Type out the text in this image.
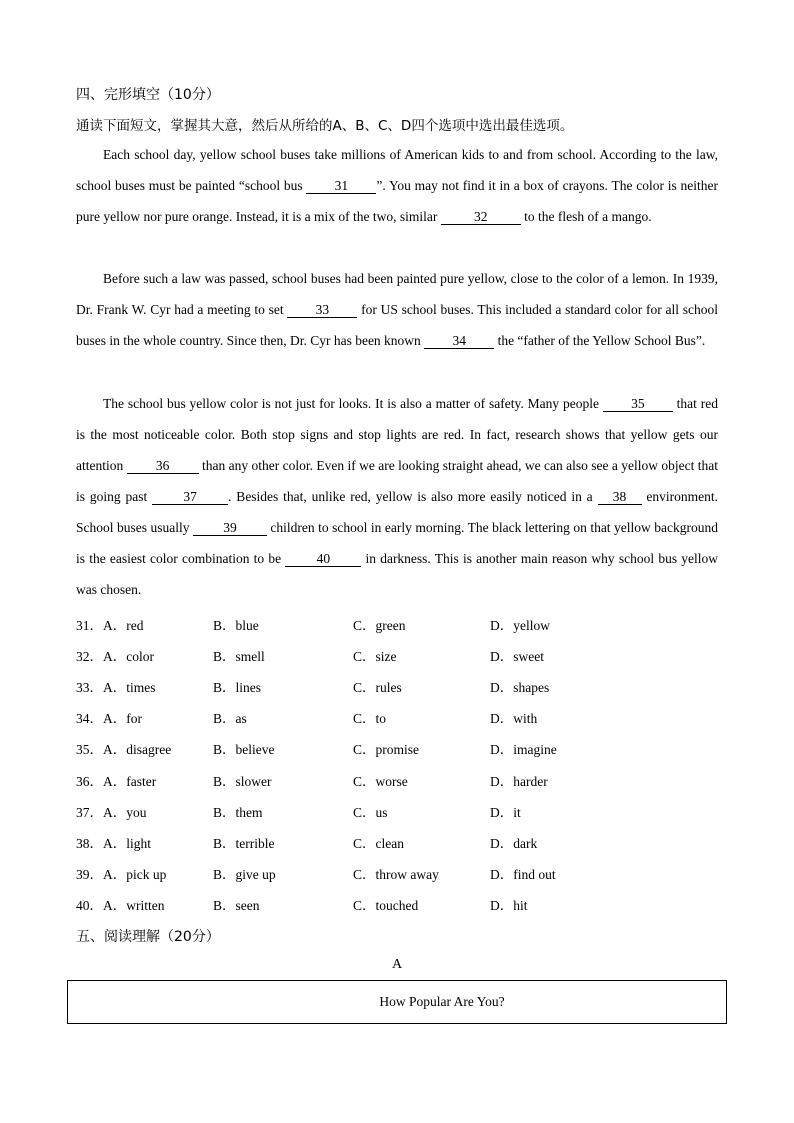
四、完形填空（10分）
通读下面短文，掌握其大意，然后从所给的A、B、C、D四个选项中选出最佳选项。

Each school day, yellow school buses take millions of American kids to and from school. According to the law, school buses must be painted “school bus 31 ”. You may not find it in a box of crayons. The color is neither pure yellow nor pure orange. Instead, it is a mix of the two, similar 32 to the flesh of a mango.

Before such a law was passed, school buses had been painted pure yellow, close to the color of a lemon. In 1939, Dr. Frank W. Cyr had a meeting to set 33 for US school buses. This included a standard color for all school buses in the whole country. Since then, Dr. Cyr has been known 34 the “father of the Yellow School Bus”.

The school bus yellow color is not just for looks. It is also a matter of safety. Many people 35 that red is the most noticeable color. Both stop signs and stop lights are red. In fact, research shows that yellow gets our attention 36 than any other color. Even if we are looking straight ahead, we can also see a yellow object that is going past 37 . Besides that, unlike red, yellow is also more easily noticed in a 38 environment. School buses usually 39 children to school in early morning. The black lettering on that yellow background is the easiest color combination to be 40 in darkness. This is another main reason why school bus yellow was chosen.

31．A．red	B．blue	C．green	D．yellow
32．A．color	B．smell	C．size	D．sweet
33．A．times	B．lines	C．rules	D．shapes
34．A．for	B．as	C．to	D．with
35．A．disagree	B．believe	C．promise	D．imagine
36．A．faster	B．slower	C．worse	D．harder
37．A．you	B．them	C．us	D．it
38．A．light	B．terrible	C．clean	D．dark
39．A．pick up	B．give up	C．throw away	D．find out
40．A．written	B．seen	C．touched	D．hit
五、阅读理解（20分）
A
How Popular Are You?
